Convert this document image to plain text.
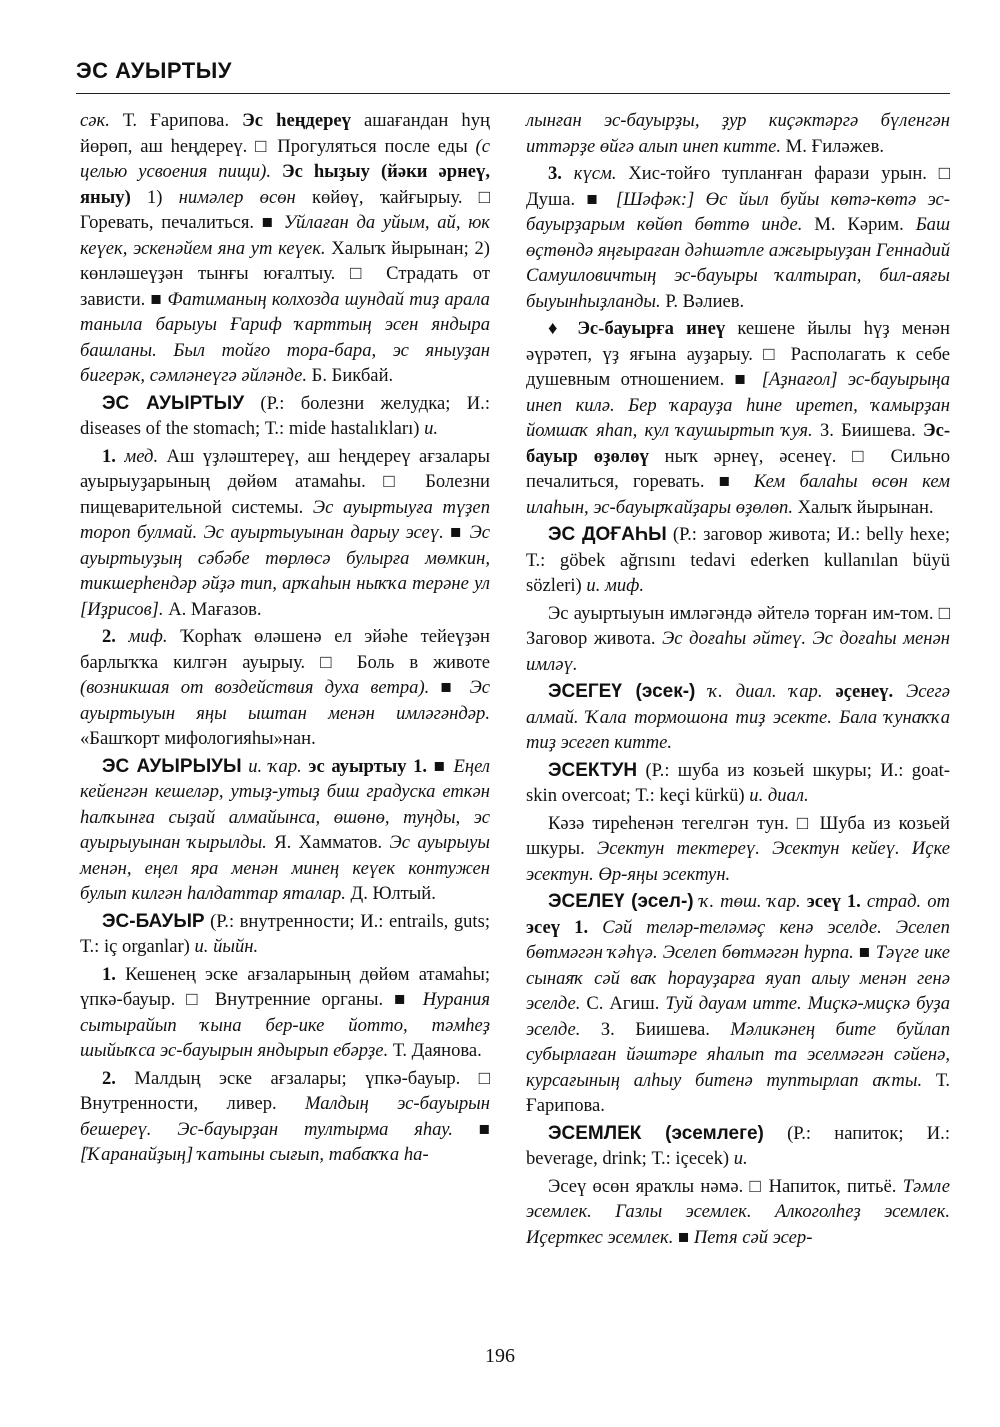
ЭС АУЫРТЫУ

сәк. Т. Ғарипова. Эс һеңдереү ашағандан һуң йөрөп, аш һеңдереү. □ Прогуляться после еды (с целью усвоения пищи). Эс һыҙыу (йәки әрнеү, яныу) 1) нимәлер өсөн көйөү, ҡайғырыу. □ Горевать, печалиться. ■ Уйлаған да уйым, ай, юк кеүек, эскенәйем яна ут кеүек. Халыҡ йырынан; 2) көнләшеүҙән тынғы юғалтыу. □ Страдать от зависти. ■ Фатиманың колхозда шундай тиҙ арала таныла барыуы Ғариф ҡарттың эсен яндыра башланы. Был тойғо тора-бара, эс яныуҙан бигерәк, сәмләнеүгә әйләнде. Б. Бикбай.

ЭС АУЫРТЫУ (Р.: болезни желудка; И.: diseases of the stomach; Т.: mide hastalıkları) и.

1. мед. Аш үҙләштереү, аш һеңдереү ағзалары ауырыуҙарының дөйөм атамаһы. □ Болезни пищеварительной системы. Эс ауыртыуға түҙеп тороп булмай. Эс ауыртыуынан дарыу эсеү. ■ Эс ауыртыуҙың сәбәбе төрлөсә булырға мөмкин, тикшерһендәр әйҙә тип, арҡаһын ныҡҡа терәне ул [Иҙрисов]. А. Мағазов.

2. миф. Ҡорһаҡ өләшенә ел эйәһе тейеүҙән барлыҡҡа килгән ауырыу. □ Боль в животе (возникшая от воздействия духа ветра). ■ Эс ауыртыуын яңы ыштан менән имләгәндәр. «Башҡорт мифологияһы»нан.

ЭС АУЫРЫУЫ и. ҡар. эс ауыртыу 1. ■ Еңел кейенгән кешеләр, утыҙ-утыҙ биш градуска еткән һалҡынға сыҙай алмайынса, өшөнө, туңды, эс ауырыуынан ҡырылды. Я. Хамматов. Эс ауырыуы менән, еңел яра менән минең кеүек контужен булып килгән һалдаттар яталар. Д. Юлтый.

ЭС-БАУЫР (Р.: внутренности; И.: entrails, guts; Т.: iç organlar) и. йыйн.

1. Кешенең эске ағзаларының дөйөм атамаһы; үпкә-бауыр. □ Внутренние органы. ■ Нурания сытырайып ҡына бер-ике йотто, тәмһеҙ шыйыҡса эс-бауырын яндырып ебәрҙе. Т. Даянова.

2. Малдың эске ағзалары; үпкә-бауыр. □ Внутренности, ливер. Малдың эс-бауырын бешереү. Эс-бауырҙан тултырма яһау. ■ [Ҡаранайҙың] ҡатыны сығып, табаҡҡа һа-

лынған эс-бауырҙы, ҙур киҫәктәргә бүленгән иттәрҙе өйгә алып инеп китте. М. Ғиләжев.

3. күсм. Хис-тойғо тупланған фарази урын. □ Душа. ■ [Шәфәк:] Өс йыл буйы көтә-көтә эс-бауырҙарым көйөп бөттө инде. М. Кәрим. Баш өҫтөндә яңғыраған дәһшәтле ажғырыуҙан Геннадий Самуиловичтың эс-бауыры ҡалтырап, бил-аяғы быуынһыҙланды. Р. Вәлиев.

♦ Эс-бауырға инеү кешене йылы һүҙ менән әүрәтеп, үҙ яғына ауҙарыу. □ Располагать к себе душевным отношением. ■ [Аҙнағол] эс-бауырыңа инеп килә. Бер ҡарауҙа һине иретеп, ҡамырҙан йомшаҡ яһап, кул ҡаушыртып ҡуя. З. Биишева. Эс-бауыр өҙөлөү ныҡ әрнеү, әсенеү. □ Сильно печалиться, горевать. ■ Кем балаһы өсөн кем илаһын, эс-бауырҡайҙары өҙөлөп. Халыҡ йырынан.

ЭС ДОҒАҺЫ (Р.: заговор живота; И.: belly hexe; Т.: göbek ağrısını tedavi ederken kullanılan büyü sözleri) и. миф.

Эс ауыртыуын имләгәндә әйтелә торған им-том. □ Заговор живота. Эс доғаһы әйтеү. Эс доғаһы менән имләү.

ЭСЕГЕҮ (эсек-) ҡ. диал. ҡар. әҫенеү. Эсегә алмай. Ҡала тормошона тиҙ эсекте. Бала ҡунаҡҡа тиҙ эсегеп китте.

ЭСЕКТУН (Р.: шуба из козьей шкуры; И.: goat-skin overcoat; Т.: keçi kürkü) и. диал.

Кәзә тиреһенән тегелгән тун. □ Шуба из козьей шкуры. Эсектун тектереү. Эсектун кейеү. Иҫке эсектун. Өр-яңы эсектун.

ЭСЕЛЕҮ (эсел-) ҡ. төш. ҡар. эсеү 1. страд. от эсеү 1. Сәй теләр-теләмәҫ кенә эселде. Эселеп бөтмәгән ҡәһүә. Эселеп бөтмәгән һурпа. ■ Тәүге ике сынаяҡ сәй ваҡ һорауҙарға яуап алыу менән генә эселде. С. Агиш. Туй дауам итте. Миҫкә-миҫкә буҙа эселде. З. Биишева. Мәликәнең бите буйлап субырлаған йәштәре яһалып та эселмәгән сәйенә, курсағының алһыу битенә туптырлап аҡты. Т. Ғарипова.

ЭСЕМЛЕК (эсемлеге) (Р.: напиток; И.: beverage, drink; Т.: içecek) и.

Эсеү өсөн яраҡлы нәмә. □ Напиток, питьё. Тәмле эсемлек. Газлы эсемлек. Алкоголһеҙ эсемлек. Иҫерткес эсемлек. ■ Петя сәй эсер-

196
